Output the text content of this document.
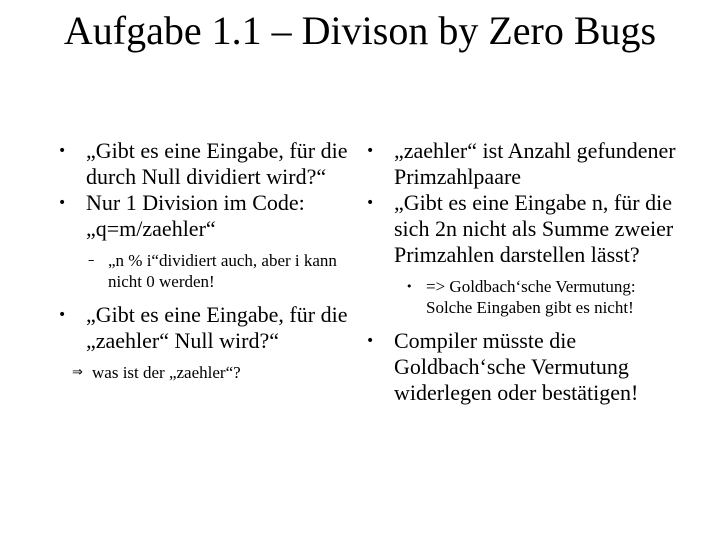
Aufgabe 1.1 – Divison by Zero Bugs
• „Gibt es eine Eingabe, für die durch Null dividiert wird?“
• Nur 1 Division im Code: „q=m/zaehler“
– „n % i“dividiert auch, aber i kann nicht 0 werden!
• „Gibt es eine Eingabe, für die „zaehler“ Null wird?“
⇒ was ist der „zaehler“?
• „zaehler“ ist Anzahl gefundener Primzahlpaare
• „Gibt es eine Eingabe n, für die sich 2n nicht als Summe zweier Primzahlen darstellen lässt?
• => Goldbach‘sche Vermutung: Solche Eingaben gibt es nicht!
• Compiler müsste die Goldbach‘sche Vermutung widerlegen oder bestätigen!
